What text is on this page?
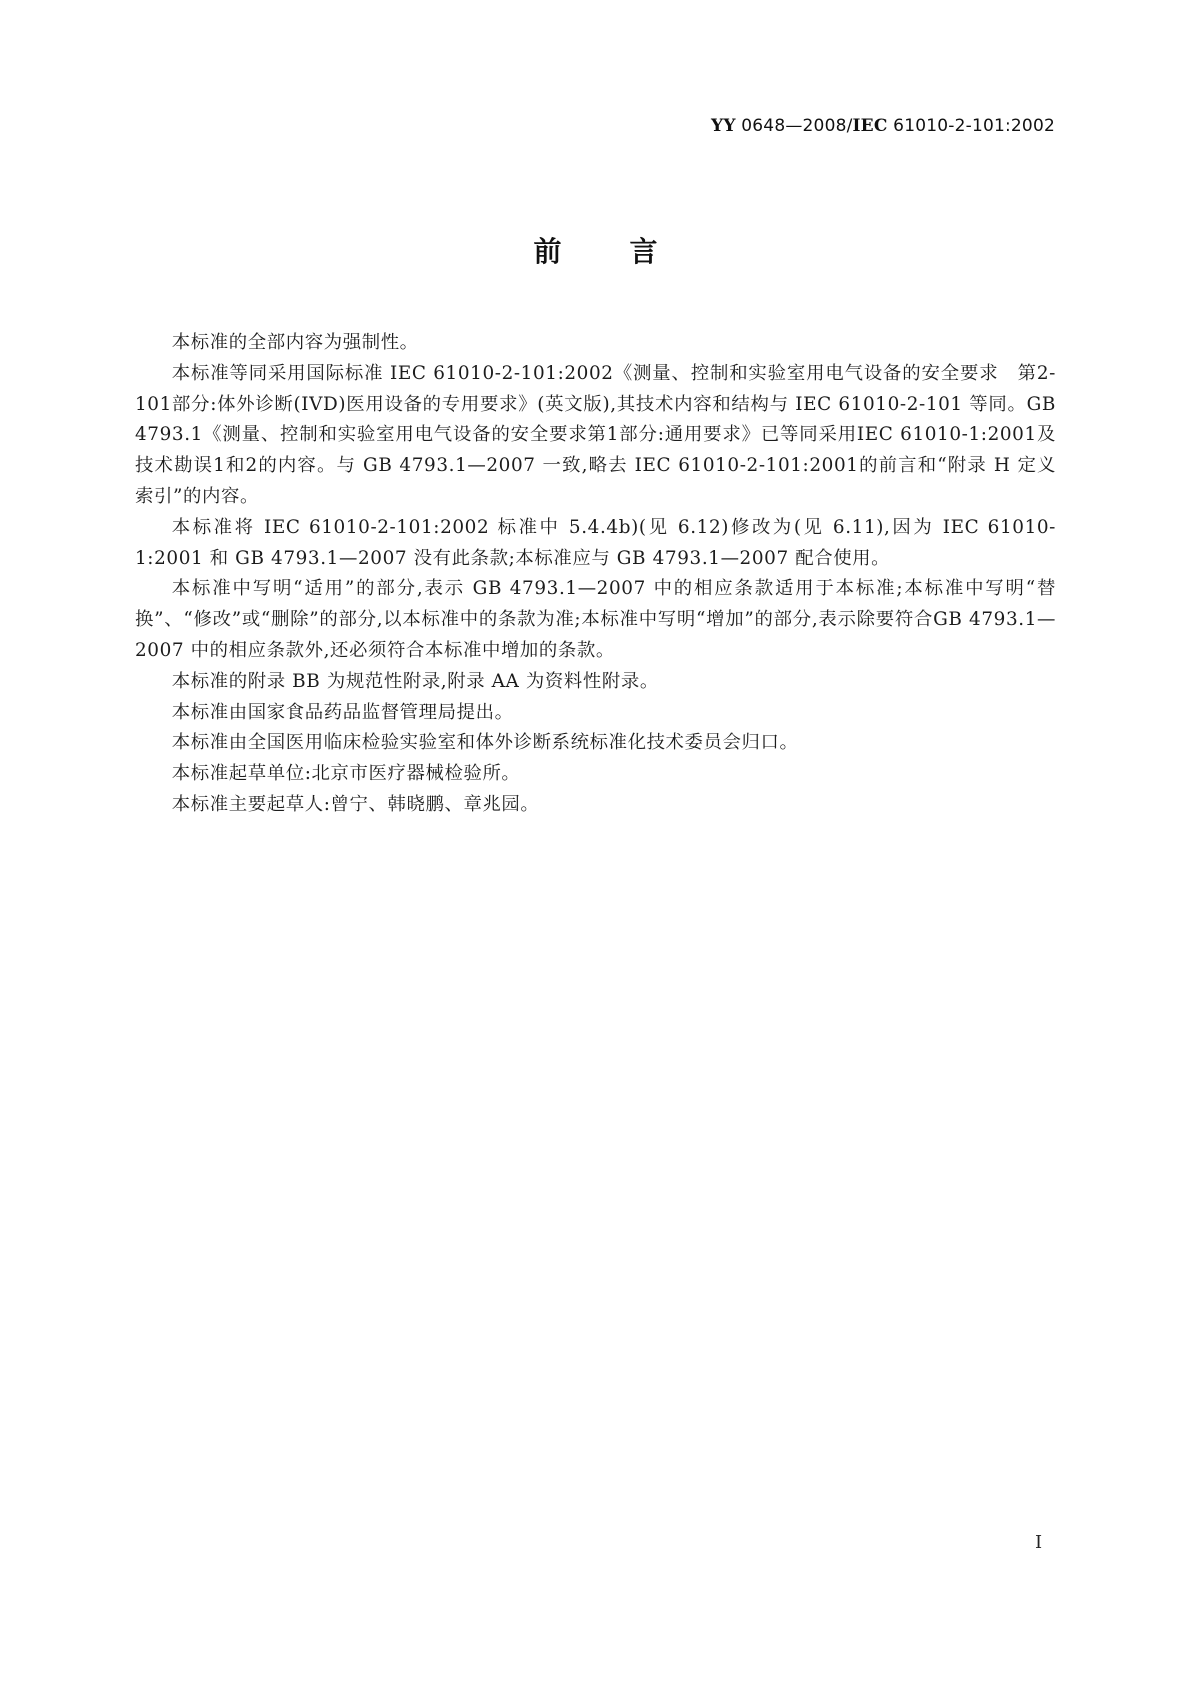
YY 0648—2008/IEC 61010-2-101:2002
前 言

本标准的全部内容为强制性。

本标准等同采用国际标准 IEC 61010-2-101:2002《测量、控制和实验室用电气设备的安全要求　第2-101部分:体外诊断(IVD)医用设备的专用要求》(英文版),其技术内容和结构与 IEC 61010-2-101 等同。GB 4793.1《测量、控制和实验室用电气设备的安全要求第1部分:通用要求》已等同采用IEC 61010-1:2001及技术勘误1和2的内容。与 GB 4793.1—2007 一致,略去 IEC 61010-2-101:2001的前言和“附录 H 定义索引”的内容。

本标准将 IEC 61010-2-101:2002 标准中 5.4.4b)(见 6.12)修改为(见 6.11),因为 IEC 61010-1:2001 和 GB 4793.1—2007 没有此条款;本标准应与 GB 4793.1—2007 配合使用。

本标准中写明“适用”的部分,表示 GB 4793.1—2007 中的相应条款适用于本标准;本标准中写明“替换”、“修改”或“删除”的部分,以本标准中的条款为准;本标准中写明“增加”的部分,表示除要符合GB 4793.1—2007 中的相应条款外,还必须符合本标准中增加的条款。

本标准的附录 BB 为规范性附录,附录 AA 为资料性附录。

本标准由国家食品药品监督管理局提出。

本标准由全国医用临床检验实验室和体外诊断系统标准化技术委员会归口。

本标准起草单位:北京市医疗器械检验所。

本标准主要起草人:曾宁、韩晓鹏、章兆园。

I
